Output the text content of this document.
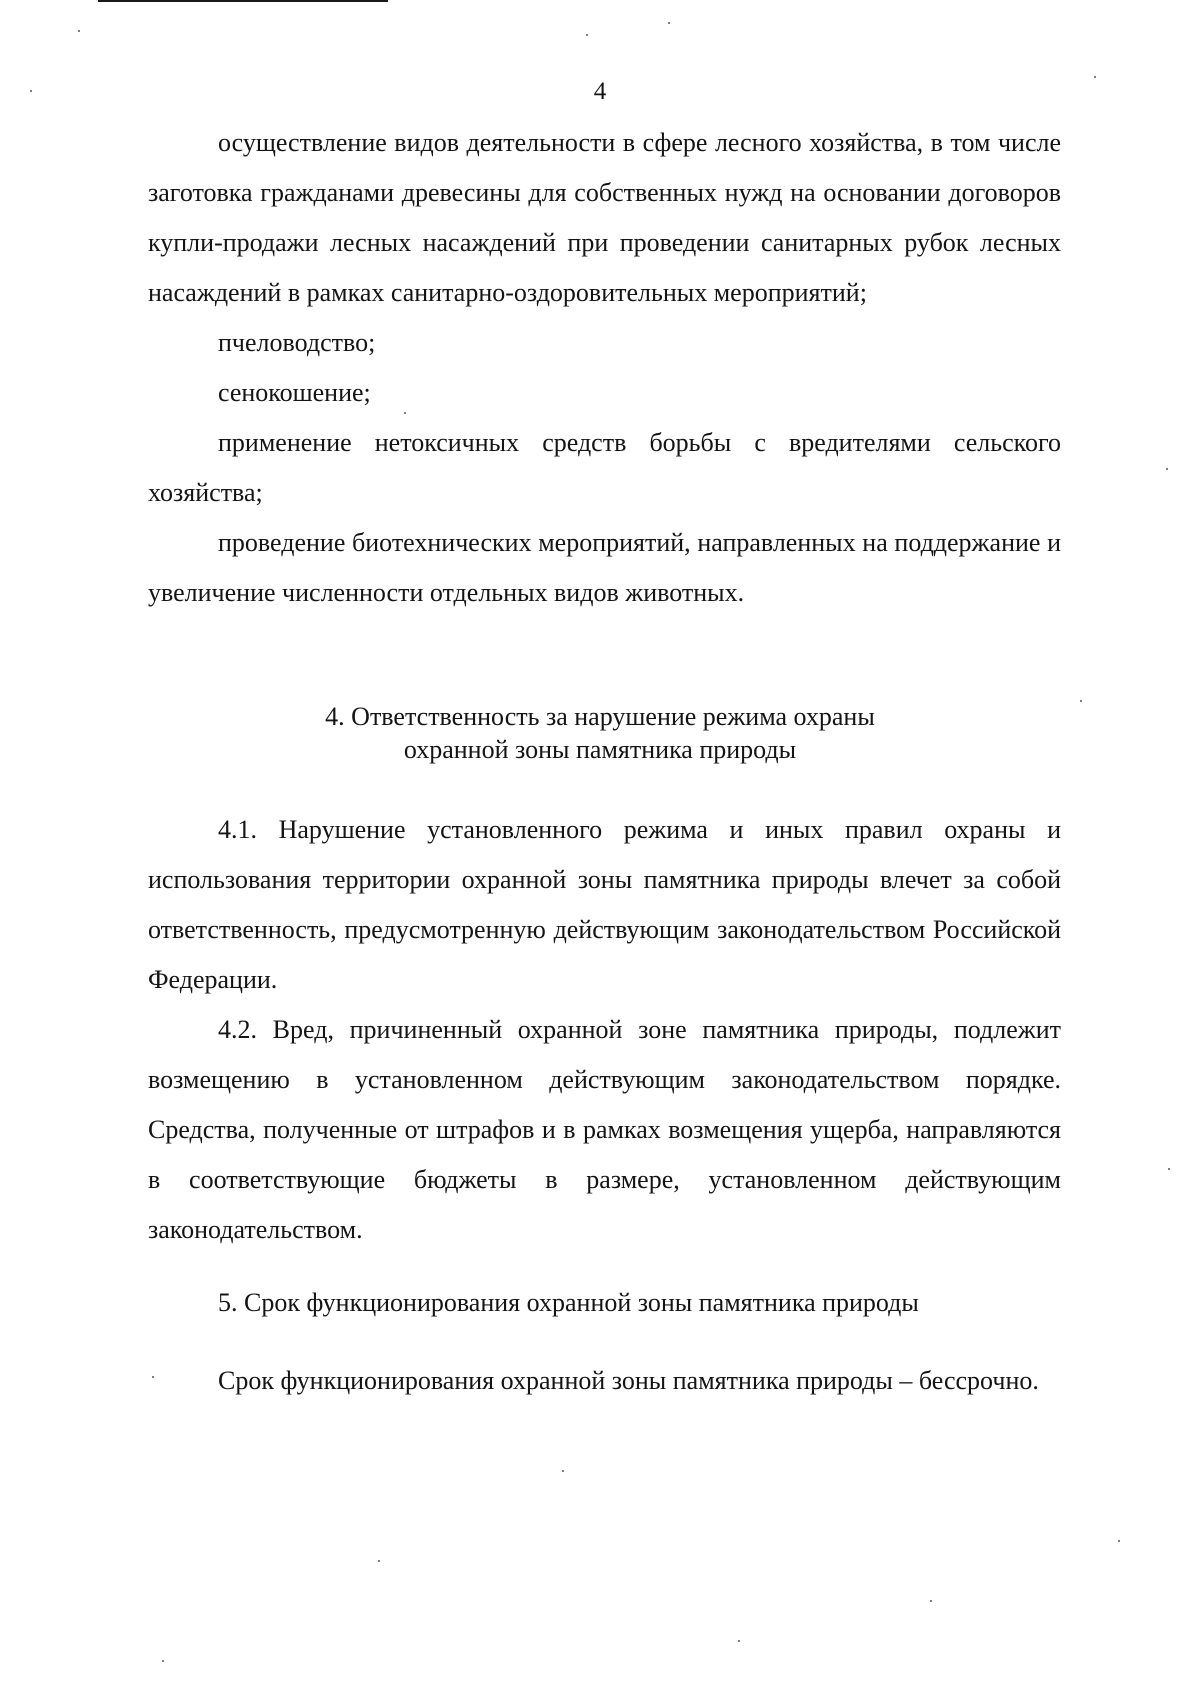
4

осуществление видов деятельности в сфере лесного хозяйства, в том числе заготовка гражданами древесины для собственных нужд на основании договоров купли-продажи лесных насаждений при проведении санитарных рубок лесных насаждений в рамках санитарно-оздоровительных мероприятий;

пчеловодство;

сенокошение;

применение нетоксичных средств борьбы с вредителями сельского хозяйства;

проведение биотехнических мероприятий, направленных на поддержание и увеличение численности отдельных видов животных.

4. Ответственность за нарушение режима охраны
охранной зоны памятника природы

4.1. Нарушение установленного режима и иных правил охраны и использования территории охранной зоны памятника природы влечет за собой ответственность, предусмотренную действующим законодательством Российской Федерации.

4.2. Вред, причиненный охранной зоне памятника природы, подлежит возмещению в установленном действующим законодательством порядке. Средства, полученные от штрафов и в рамках возмещения ущерба, направляются в соответствующие бюджеты в размере, установленном действующим законодательством.

5. Срок функционирования охранной зоны памятника природы

Срок функционирования охранной зоны памятника природы – бессрочно.
